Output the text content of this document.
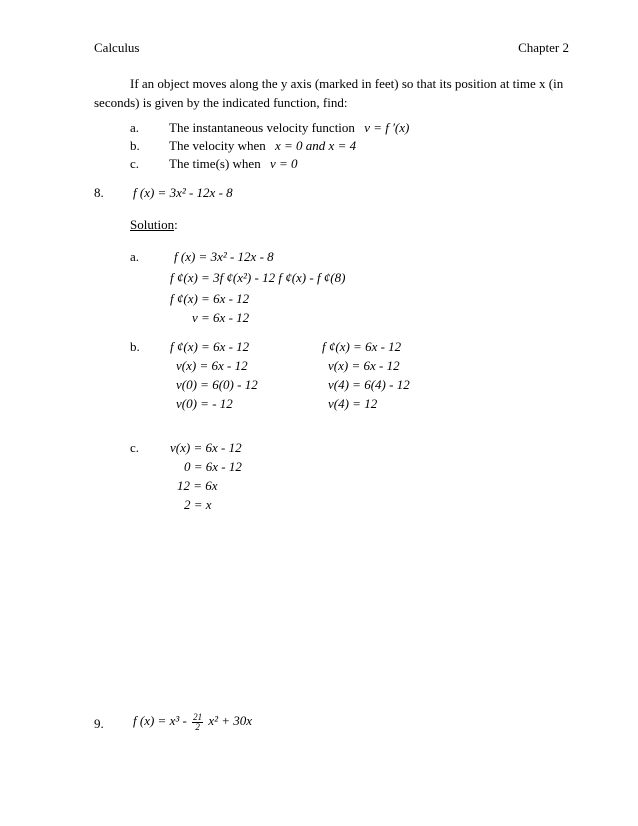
Calculus	Chapter 2
If an object moves along the y axis (marked in feet) so that its position at time x (in
seconds) is given by the indicated function, find:
a. The instantaneous velocity function v = f ′(x)
b. The velocity when x = 0 and x = 4
c. The time(s) when v = 0
8. f (x) = 3x² - 12x - 8
Solution:
a.	f (x) = 3x² - 12x - 8
f ¢(x) = 3f ¢(x²) - 12 f ¢(x) - f ¢(8)
f ¢(x) = 6x - 12
v = 6x - 12
b. f ¢(x) = 6x - 12
v(x) = 6x - 12
v(0) = 6(0) - 12
v(0) = - 12
f ¢(x) = 6x - 12
v(x) = 6x - 12
v(4) = 6(4) - 12
v(4) = 12
c. v(x) = 6x - 12
0 = 6x - 12
12 = 6x
2 = x
9. f $(x) = x^3 - \frac{21}{2} x^2 + 30x$
